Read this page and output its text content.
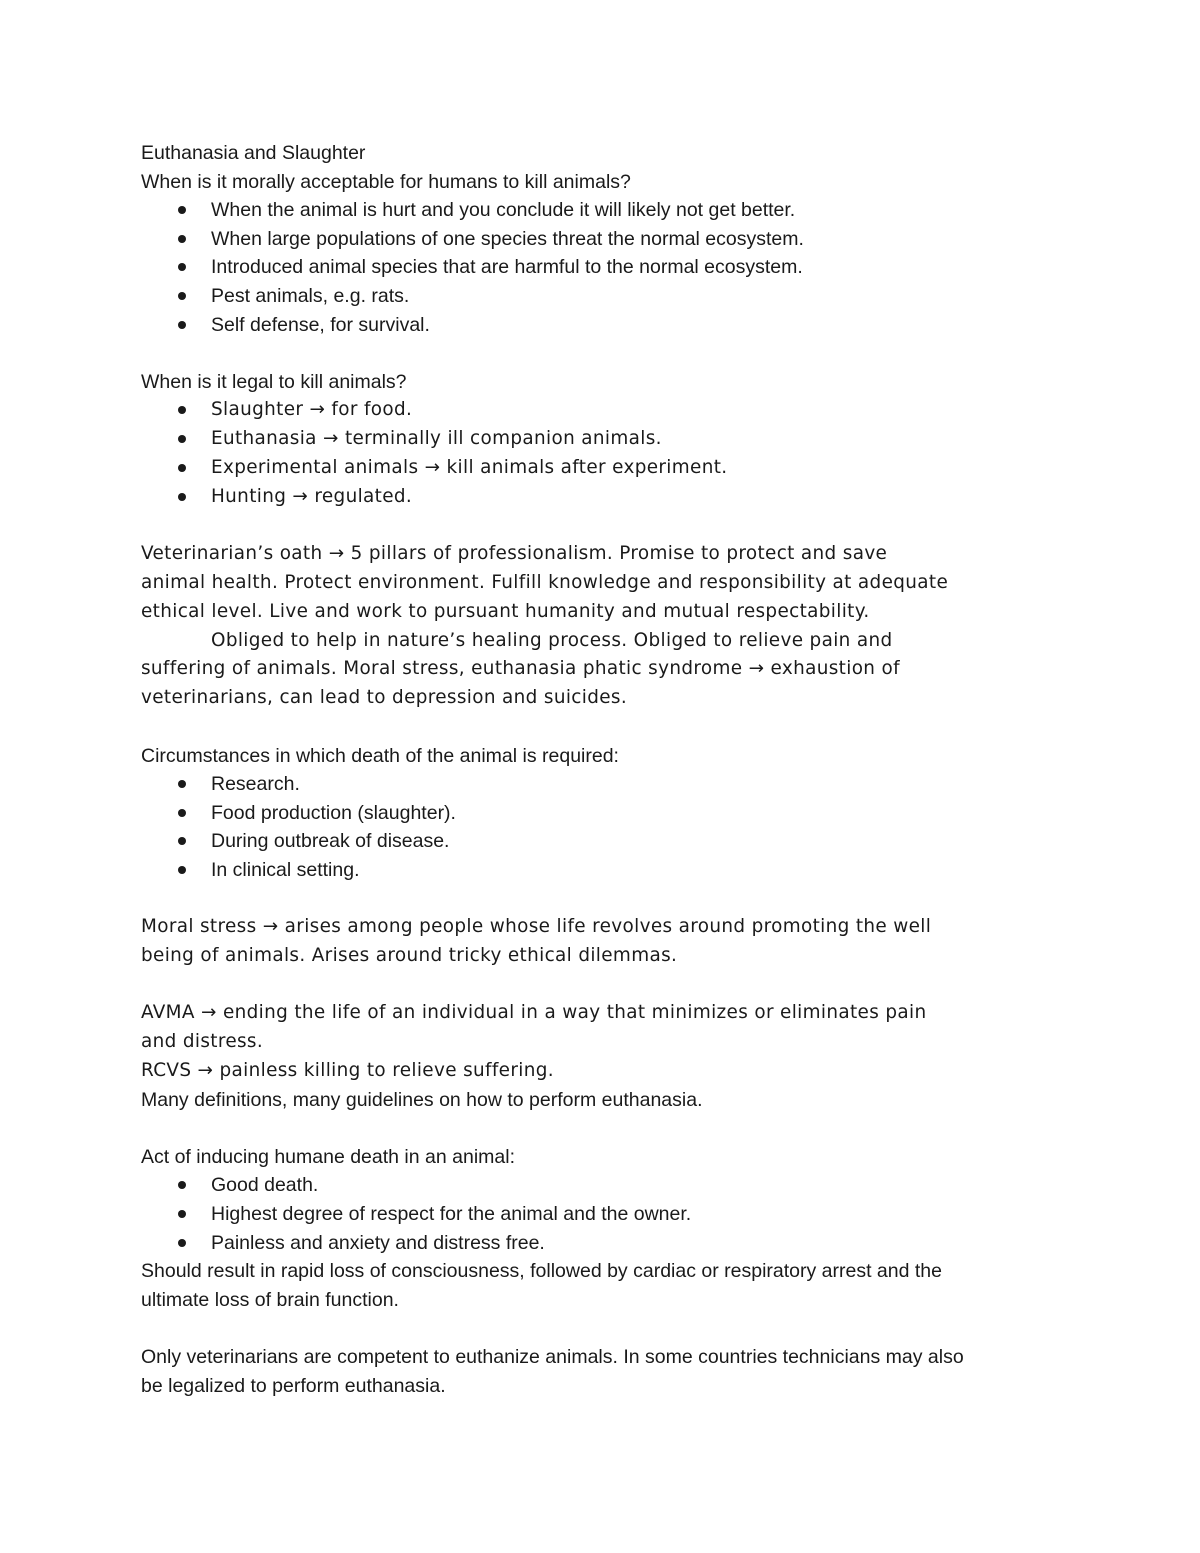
Euthanasia and Slaughter

When is it morally acceptable for humans to kill animals?

When the animal is hurt and you conclude it will likely not get better.
When large populations of one species threat the normal ecosystem.
Introduced animal species that are harmful to the normal ecosystem.
Pest animals, e.g. rats.
Self defense, for survival.

When is it legal to kill animals?

Slaughter → for food.
Euthanasia → terminally ill companion animals.
Experimental animals → kill animals after experiment.
Hunting → regulated.

Veterinarian’s oath → 5 pillars of professionalism. Promise to protect and save

animal health. Protect environment. Fulfill knowledge and responsibility at adequate

ethical level. Live and work to pursuant humanity and mutual respectability.

Obliged to help in nature’s healing process. Obliged to relieve pain and

suffering of animals. Moral stress, euthanasia phatic syndrome → exhaustion of

veterinarians, can lead to depression and suicides.

Circumstances in which death of the animal is required:

Research.
Food production (slaughter).
During outbreak of disease.
In clinical setting.

Moral stress → arises among people whose life revolves around promoting the well

being of animals. Arises around tricky ethical dilemmas.

AVMA → ending the life of an individual in a way that minimizes or eliminates pain

and distress.

RCVS → painless killing to relieve suffering.

Many definitions, many guidelines on how to perform euthanasia.

Act of inducing humane death in an animal:

Good death.
Highest degree of respect for the animal and the owner.
Painless and anxiety and distress free.

Should result in rapid loss of consciousness, followed by cardiac or respiratory arrest and the

ultimate loss of brain function.

Only veterinarians are competent to euthanize animals. In some countries technicians may also

be legalized to perform euthanasia.
